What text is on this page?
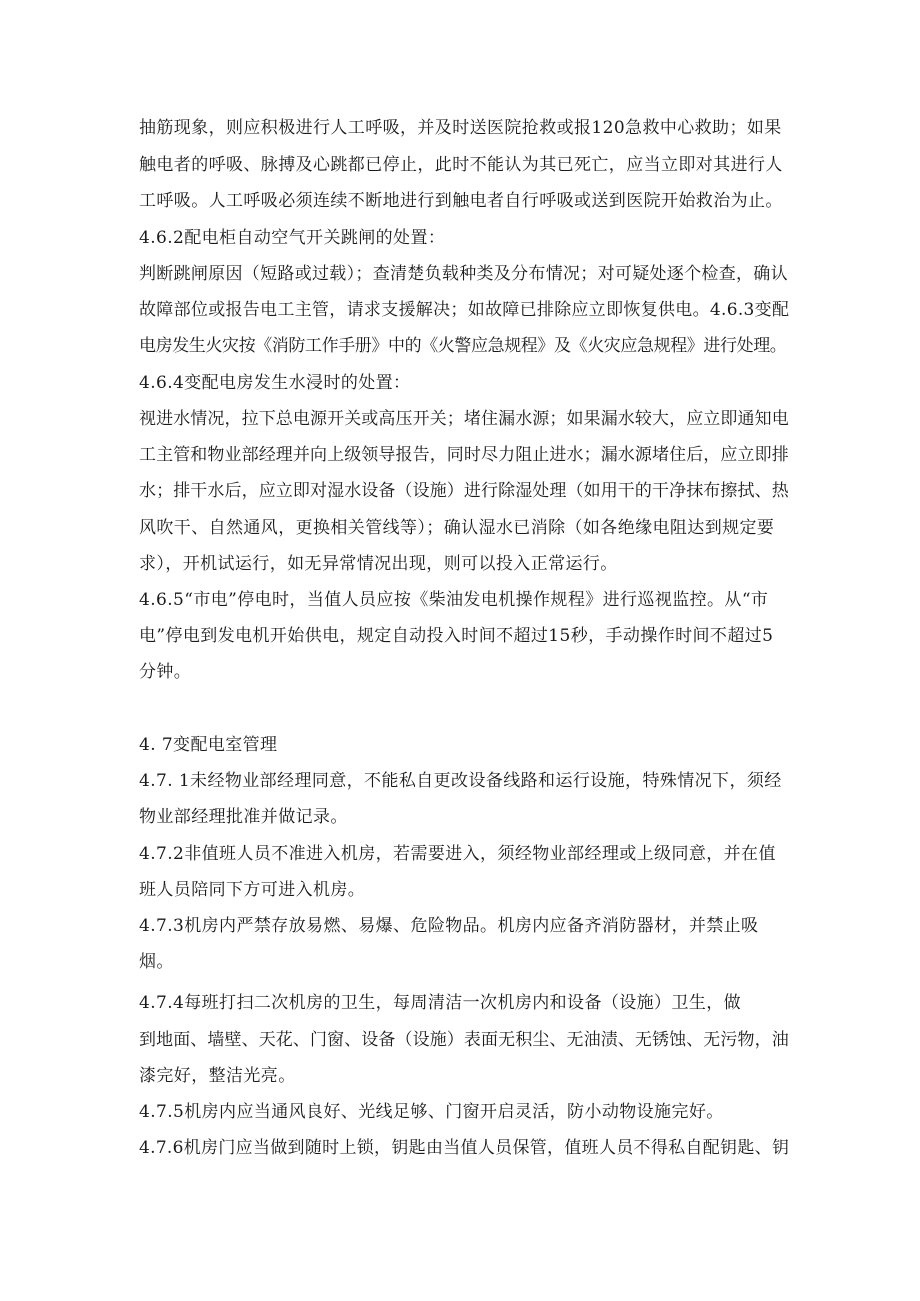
抽筋现象，则应积极进行人工呼吸，并及时送医院抢救或报120急救中心救助；如果
触电者的呼吸、脉搏及心跳都已停止，此时不能认为其已死亡，应当立即对其进行人
工呼吸。人工呼吸必须连续不断地进行到触电者自行呼吸或送到医院开始救治为止。
4.6.2配电柜自动空气开关跳闸的处置：
判断跳闸原因（短路或过载）；查清楚负载种类及分布情况；对可疑处逐个检查，确认
故障部位或报告电工主管，请求支援解决；如故障已排除应立即恢复供电。4.6.3变配
电房发生火灾按《消防工作手册》中的《火警应急规程》及《火灾应急规程》进行处理。
4.6.4变配电房发生水浸时的处置：
视进水情况，拉下总电源开关或高压开关；堵住漏水源；如果漏水较大，应立即通知电
工主管和物业部经理并向上级领导报告，同时尽力阻止进水；漏水源堵住后，应立即排
水；排干水后，应立即对湿水设备（设施）进行除湿处理（如用干的干净抹布擦拭、热
风吹干、自然通风，更换相关管线等）；确认湿水已消除（如各绝缘电阻达到规定要
求），开机试运行，如无异常情况出现，则可以投入正常运行。
4.6.5“市电”停电时，当值人员应按《柴油发电机操作规程》进行巡视监控。从“市
电”停电到发电机开始供电，规定自动投入时间不超过15秒，手动操作时间不超过5
分钟。
4. 7变配电室管理
4.7. 1未经物业部经理同意，不能私自更改设备线路和运行设施，特殊情况下，须经
物业部经理批准并做记录。
4.7.2非值班人员不准进入机房，若需要进入，须经物业部经理或上级同意，并在值
班人员陪同下方可进入机房。
4.7.3机房内严禁存放易燃、易爆、危险物品。机房内应备齐消防器材，并禁止吸
烟。
4.7.4每班打扫二次机房的卫生，每周清洁一次机房内和设备（设施）卫生，做
到地面、墙壁、天花、门窗、设备（设施）表面无积尘、无油渍、无锈蚀、无污物，油
漆完好，整洁光亮。
4.7.5机房内应当通风良好、光线足够、门窗开启灵活，防小动物设施完好。
4.7.6机房门应当做到随时上锁，钥匙由当值人员保管，值班人员不得私自配钥匙、钥
